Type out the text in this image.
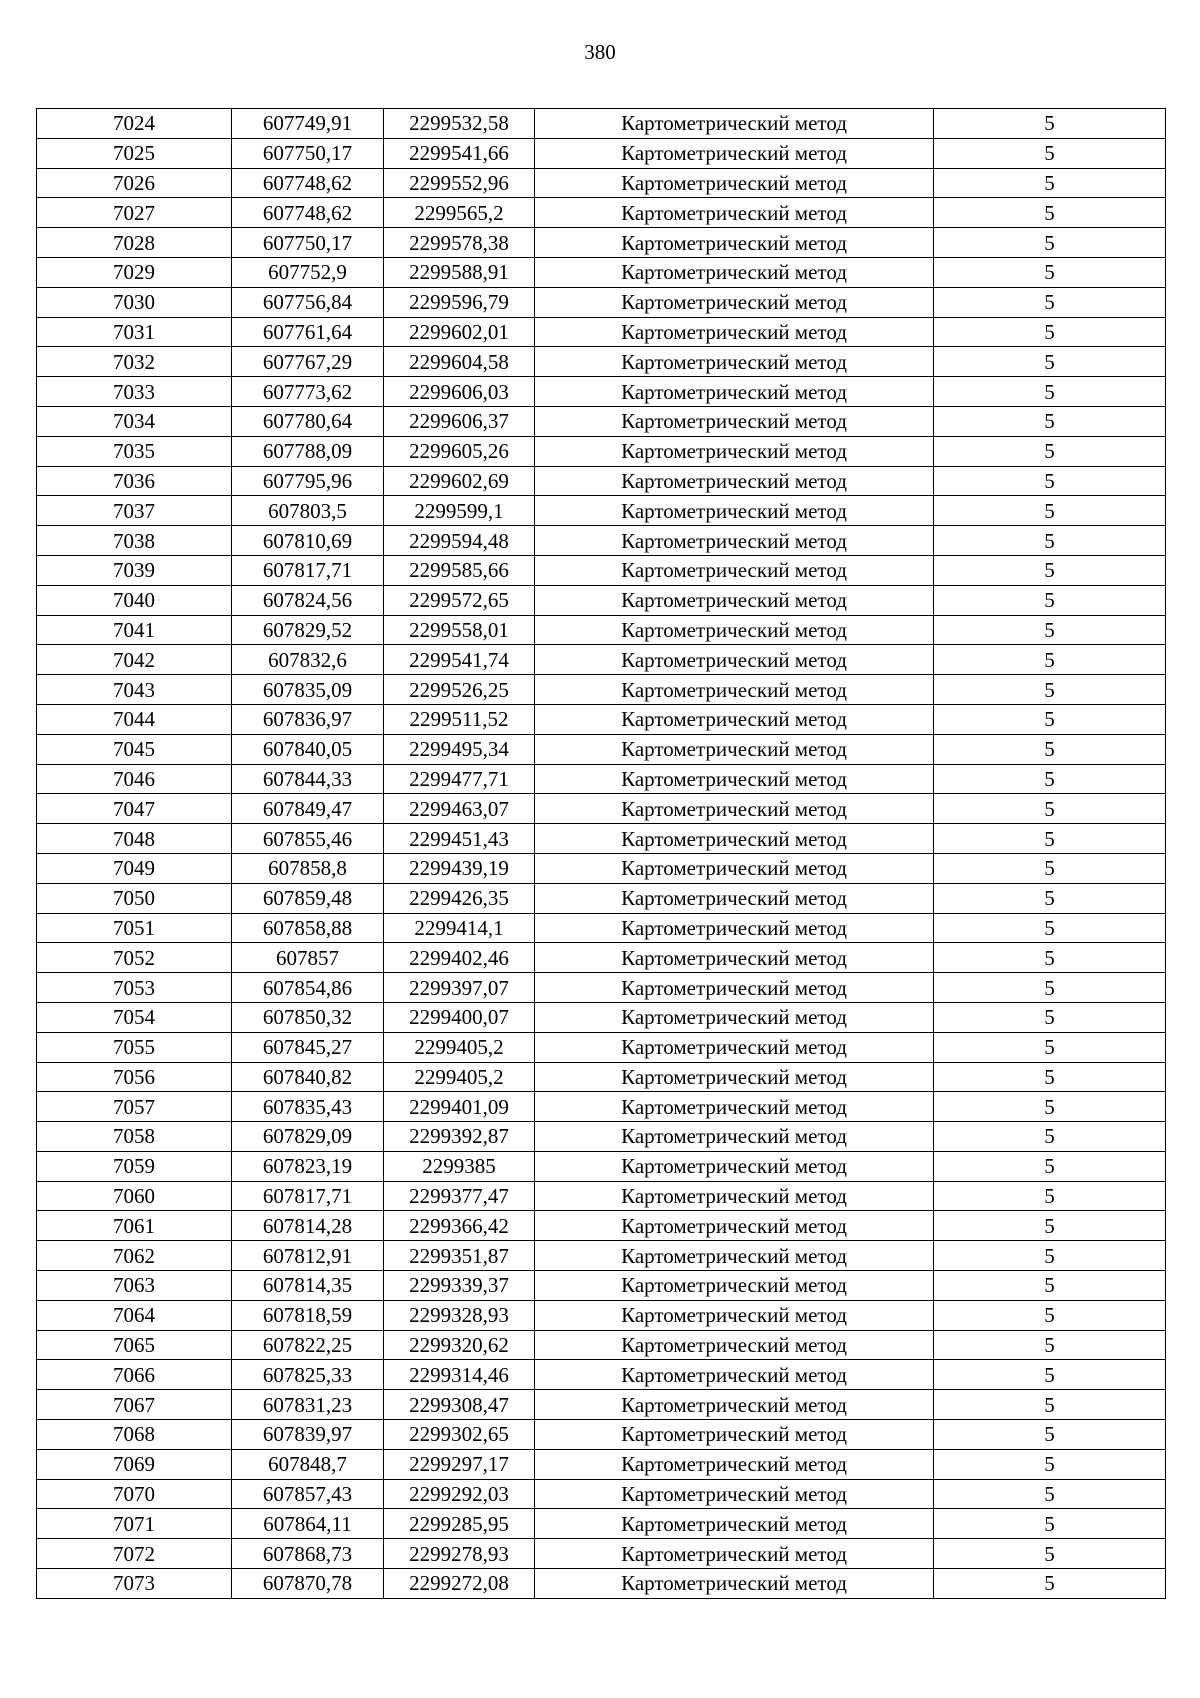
380
7024	607749,91	2299532,58	Картометрический метод	5
7025	607750,17	2299541,66	Картометрический метод	5
7026	607748,62	2299552,96	Картометрический метод	5
7027	607748,62	2299565,2	Картометрический метод	5
7028	607750,17	2299578,38	Картометрический метод	5
7029	607752,9	2299588,91	Картометрический метод	5
7030	607756,84	2299596,79	Картометрический метод	5
7031	607761,64	2299602,01	Картометрический метод	5
7032	607767,29	2299604,58	Картометрический метод	5
7033	607773,62	2299606,03	Картометрический метод	5
7034	607780,64	2299606,37	Картометрический метод	5
7035	607788,09	2299605,26	Картометрический метод	5
7036	607795,96	2299602,69	Картометрический метод	5
7037	607803,5	2299599,1	Картометрический метод	5
7038	607810,69	2299594,48	Картометрический метод	5
7039	607817,71	2299585,66	Картометрический метод	5
7040	607824,56	2299572,65	Картометрический метод	5
7041	607829,52	2299558,01	Картометрический метод	5
7042	607832,6	2299541,74	Картометрический метод	5
7043	607835,09	2299526,25	Картометрический метод	5
7044	607836,97	2299511,52	Картометрический метод	5
7045	607840,05	2299495,34	Картометрический метод	5
7046	607844,33	2299477,71	Картометрический метод	5
7047	607849,47	2299463,07	Картометрический метод	5
7048	607855,46	2299451,43	Картометрический метод	5
7049	607858,8	2299439,19	Картометрический метод	5
7050	607859,48	2299426,35	Картометрический метод	5
7051	607858,88	2299414,1	Картометрический метод	5
7052	607857	2299402,46	Картометрический метод	5
7053	607854,86	2299397,07	Картометрический метод	5
7054	607850,32	2299400,07	Картометрический метод	5
7055	607845,27	2299405,2	Картометрический метод	5
7056	607840,82	2299405,2	Картометрический метод	5
7057	607835,43	2299401,09	Картометрический метод	5
7058	607829,09	2299392,87	Картометрический метод	5
7059	607823,19	2299385	Картометрический метод	5
7060	607817,71	2299377,47	Картометрический метод	5
7061	607814,28	2299366,42	Картометрический метод	5
7062	607812,91	2299351,87	Картометрический метод	5
7063	607814,35	2299339,37	Картометрический метод	5
7064	607818,59	2299328,93	Картометрический метод	5
7065	607822,25	2299320,62	Картометрический метод	5
7066	607825,33	2299314,46	Картометрический метод	5
7067	607831,23	2299308,47	Картометрический метод	5
7068	607839,97	2299302,65	Картометрический метод	5
7069	607848,7	2299297,17	Картометрический метод	5
7070	607857,43	2299292,03	Картометрический метод	5
7071	607864,11	2299285,95	Картометрический метод	5
7072	607868,73	2299278,93	Картометрический метод	5
7073	607870,78	2299272,08	Картометрический метод	5
